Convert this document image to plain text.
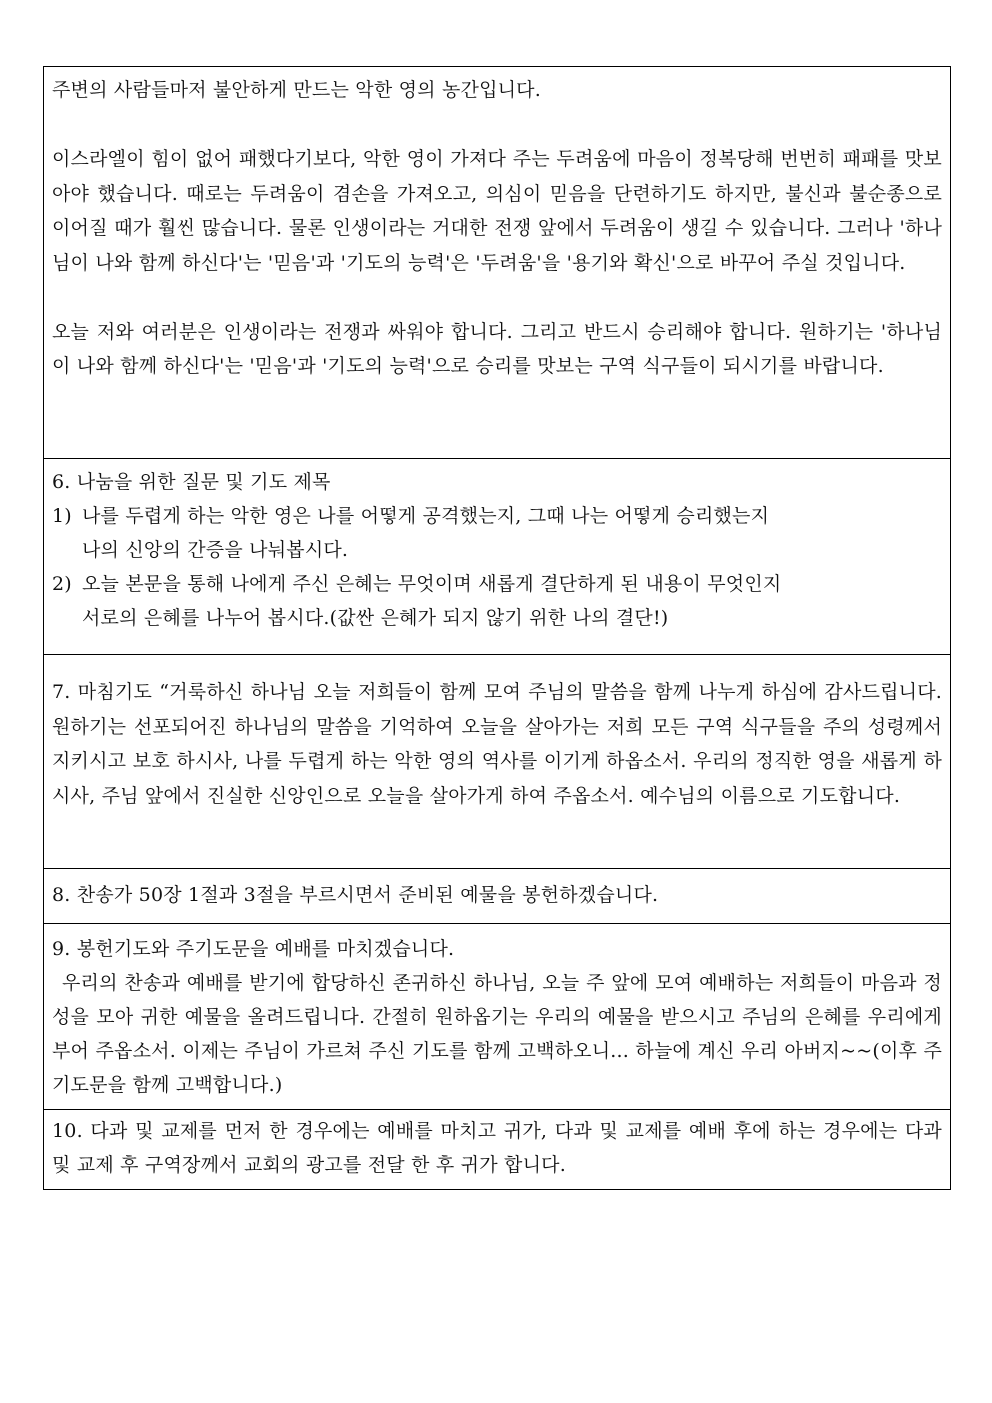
주변의 사람들마저 불안하게 만드는 악한 영의 농간입니다.

이스라엘이 힘이 없어 패했다기보다, 악한 영이 가져다 주는 두려움에 마음이 정복당해 번번히 패패를 맛보아야 했습니다. 때로는 두려움이 겸손을 가져오고, 의심이 믿음을 단련하기도 하지만, 불신과 불순종으로 이어질 때가 훨씬 많습니다. 물론 인생이라는 거대한 전쟁 앞에서 두려움이 생길 수 있습니다. 그러나 '하나님이 나와 함께 하신다'는 '믿음'과 '기도의 능력'은 '두려움'을 '용기와 확신'으로 바꾸어 주실 것입니다.

오늘 저와 여러분은 인생이라는 전쟁과 싸워야 합니다. 그리고 반드시 승리해야 합니다. 원하기는 '하나님이 나와 함께 하신다'는 '믿음'과 '기도의 능력'으로 승리를 맛보는 구역 식구들이 되시기를 바랍니다.

6. 나눔을 위한 질문 및 기도 제목

1) 나를 두렵게 하는 악한 영은 나를 어떻게 공격했는지, 그때 나는 어떻게 승리했는지
나의 신앙의 간증을 나눠봅시다.
2) 오늘 본문을 통해 나에게 주신 은혜는 무엇이며 새롭게 결단하게 된 내용이 무엇인지
서로의 은혜를 나누어 봅시다.(값싼 은혜가 되지 않기 위한 나의 결단!)

7. 마침기도 “거룩하신 하나님 오늘 저희들이 함께 모여 주님의 말씀을 함께 나누게 하심에 감사드립니다. 원하기는 선포되어진 하나님의 말씀을 기억하여 오늘을 살아가는 저희 모든 구역 식구들을 주의 성령께서 지키시고 보호 하시사, 나를 두렵게 하는 악한 영의 역사를 이기게 하옵소서. 우리의 정직한 영을 새롭게 하시사, 주님 앞에서 진실한 신앙인으로 오늘을 살아가게 하여 주옵소서. 예수님의 이름으로 기도합니다.

8. 찬송가 50장 1절과 3절을 부르시면서 준비된 예물을 봉헌하겠습니다.

9. 봉헌기도와 주기도문을 예배를 마치겠습니다.

우리의 찬송과 예배를 받기에 합당하신 존귀하신 하나님, 오늘 주 앞에 모여 예배하는 저희들이 마음과 정성을 모아 귀한 예물을 올려드립니다. 간절히 원하옵기는 우리의 예물을 받으시고 주님의 은혜를 우리에게 부어 주옵소서. 이제는 주님이 가르쳐 주신 기도를 함께 고백하오니... 하늘에 계신 우리 아버지~~(이후 주기도문을 함께 고백합니다.)

10. 다과 및 교제를 먼저 한 경우에는 예배를 마치고 귀가, 다과 및 교제를 예배 후에 하는 경우에는 다과 및 교제 후 구역장께서 교회의 광고를 전달 한 후 귀가 합니다.
